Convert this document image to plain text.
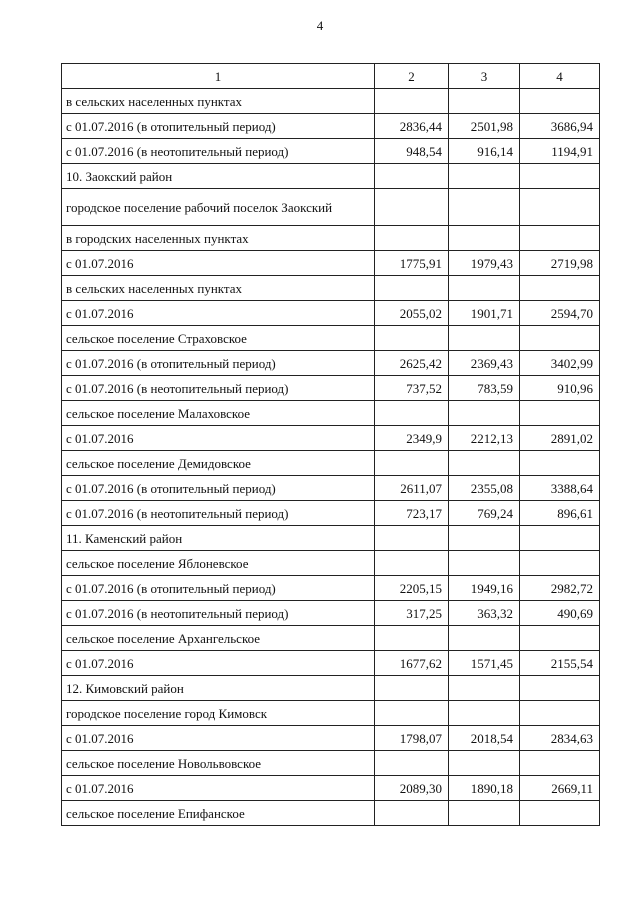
4
1	2	3	4
в сельских населенных пунктах			
с 01.07.2016 (в отопительный период)	2836,44	2501,98	3686,94
с 01.07.2016 (в неотопительный период)	948,54	916,14	1194,91
10. Заокский район			
городское поселение рабочий поселок Заокский			
в городских населенных пунктах			
с 01.07.2016	1775,91	1979,43	2719,98
в сельских населенных пунктах			
с 01.07.2016	2055,02	1901,71	2594,70
сельское поселение Страховское			
с 01.07.2016 (в отопительный период)	2625,42	2369,43	3402,99
с 01.07.2016 (в неотопительный период)	737,52	783,59	910,96
сельское поселение Малаховское			
с 01.07.2016	2349,9	2212,13	2891,02
сельское поселение Демидовское			
с 01.07.2016 (в отопительный период)	2611,07	2355,08	3388,64
с 01.07.2016 (в неотопительный период)	723,17	769,24	896,61
11. Каменский район			
сельское поселение Яблоневское			
с 01.07.2016 (в отопительный период)	2205,15	1949,16	2982,72
с 01.07.2016 (в неотопительный период)	317,25	363,32	490,69
сельское поселение Архангельское			
с 01.07.2016	1677,62	1571,45	2155,54
12. Кимовский район			
городское поселение город Кимовск			
с 01.07.2016	1798,07	2018,54	2834,63
сельское поселение Новольвовское			
с 01.07.2016	2089,30	1890,18	2669,11
сельское поселение Епифанское			
